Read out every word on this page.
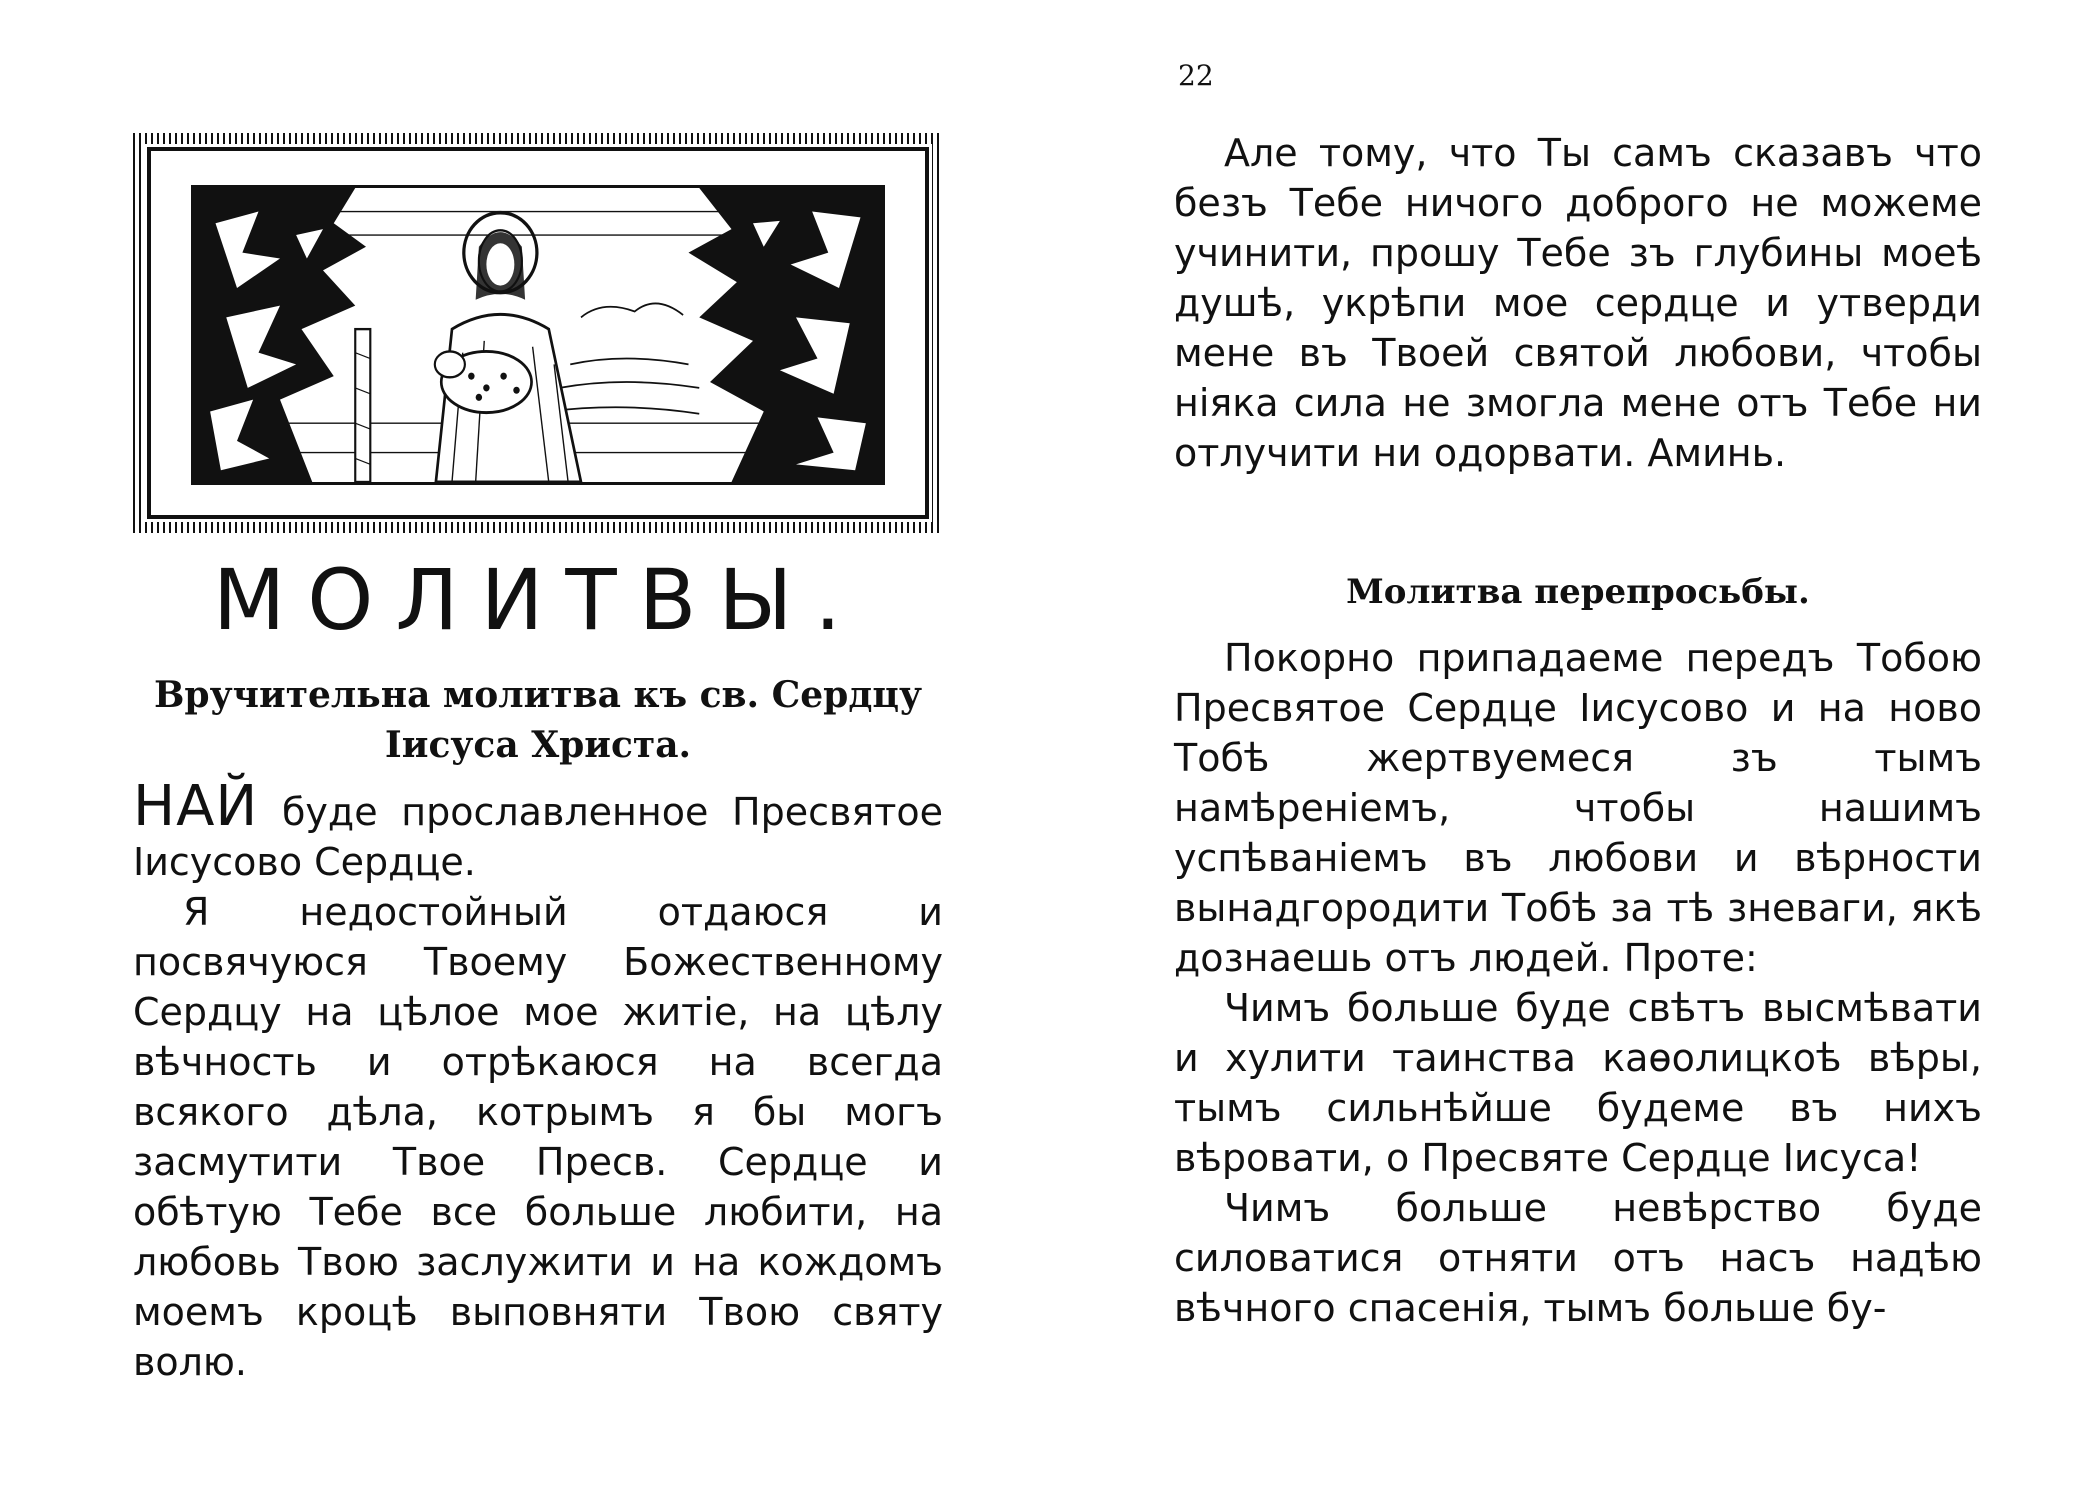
МОЛИТВЫ.
Вручительна молитва къ св. Сердцу Іисуса Христа.

НАЙ буде прославленное Пресвятое Іисусово Сердце.

Я недостойный отдаюся и посвячуюся Твоему Божественному Сердцу на цѣлое мое житіе, на цѣлу вѣчность и отрѣкаюся на всегда всякого дѣла, котрымъ я бы могъ засмутити Твое Пресв. Сердце и обѣтую Тебе все больше любити, на любовь Твою заслужити и на кождомъ моемъ кроцѣ выповняти Твою святу волю.

22

Але тому, что Ты самъ сказавъ что безъ Тебе ничого доброго не можеме учинити, прошу Тебе зъ глубины моеѣ душѣ, укрѣпи мое сердце и утверди мене въ Твоей святой любови, чтобы ніяка сила не змогла мене отъ Тебе ни отлучити ни одорвати. Аминь.

Молитва перепросьбы.

Покорно припадаеме передъ Тобою Пресвятое Сердце Іисусово и на ново Тобѣ жертвуемеся зъ тымъ намѣреніемъ, чтобы нашимъ успѣваніемъ въ любови и вѣрности вынадгородити Тобѣ за тѣ зневаги, якѣ дознаешь отъ людей. Проте:

Чимъ больше буде свѣтъ высмѣвати и хулити таинства каѳолицкоѣ вѣры, тымъ сильнѣйше будеме въ нихъ вѣровати, о Пресвяте Сердце Іисуса!

Чимъ больше невѣрство буде силоватися отняти отъ насъ надѣю вѣчного спасенія, тымъ больше бу-
